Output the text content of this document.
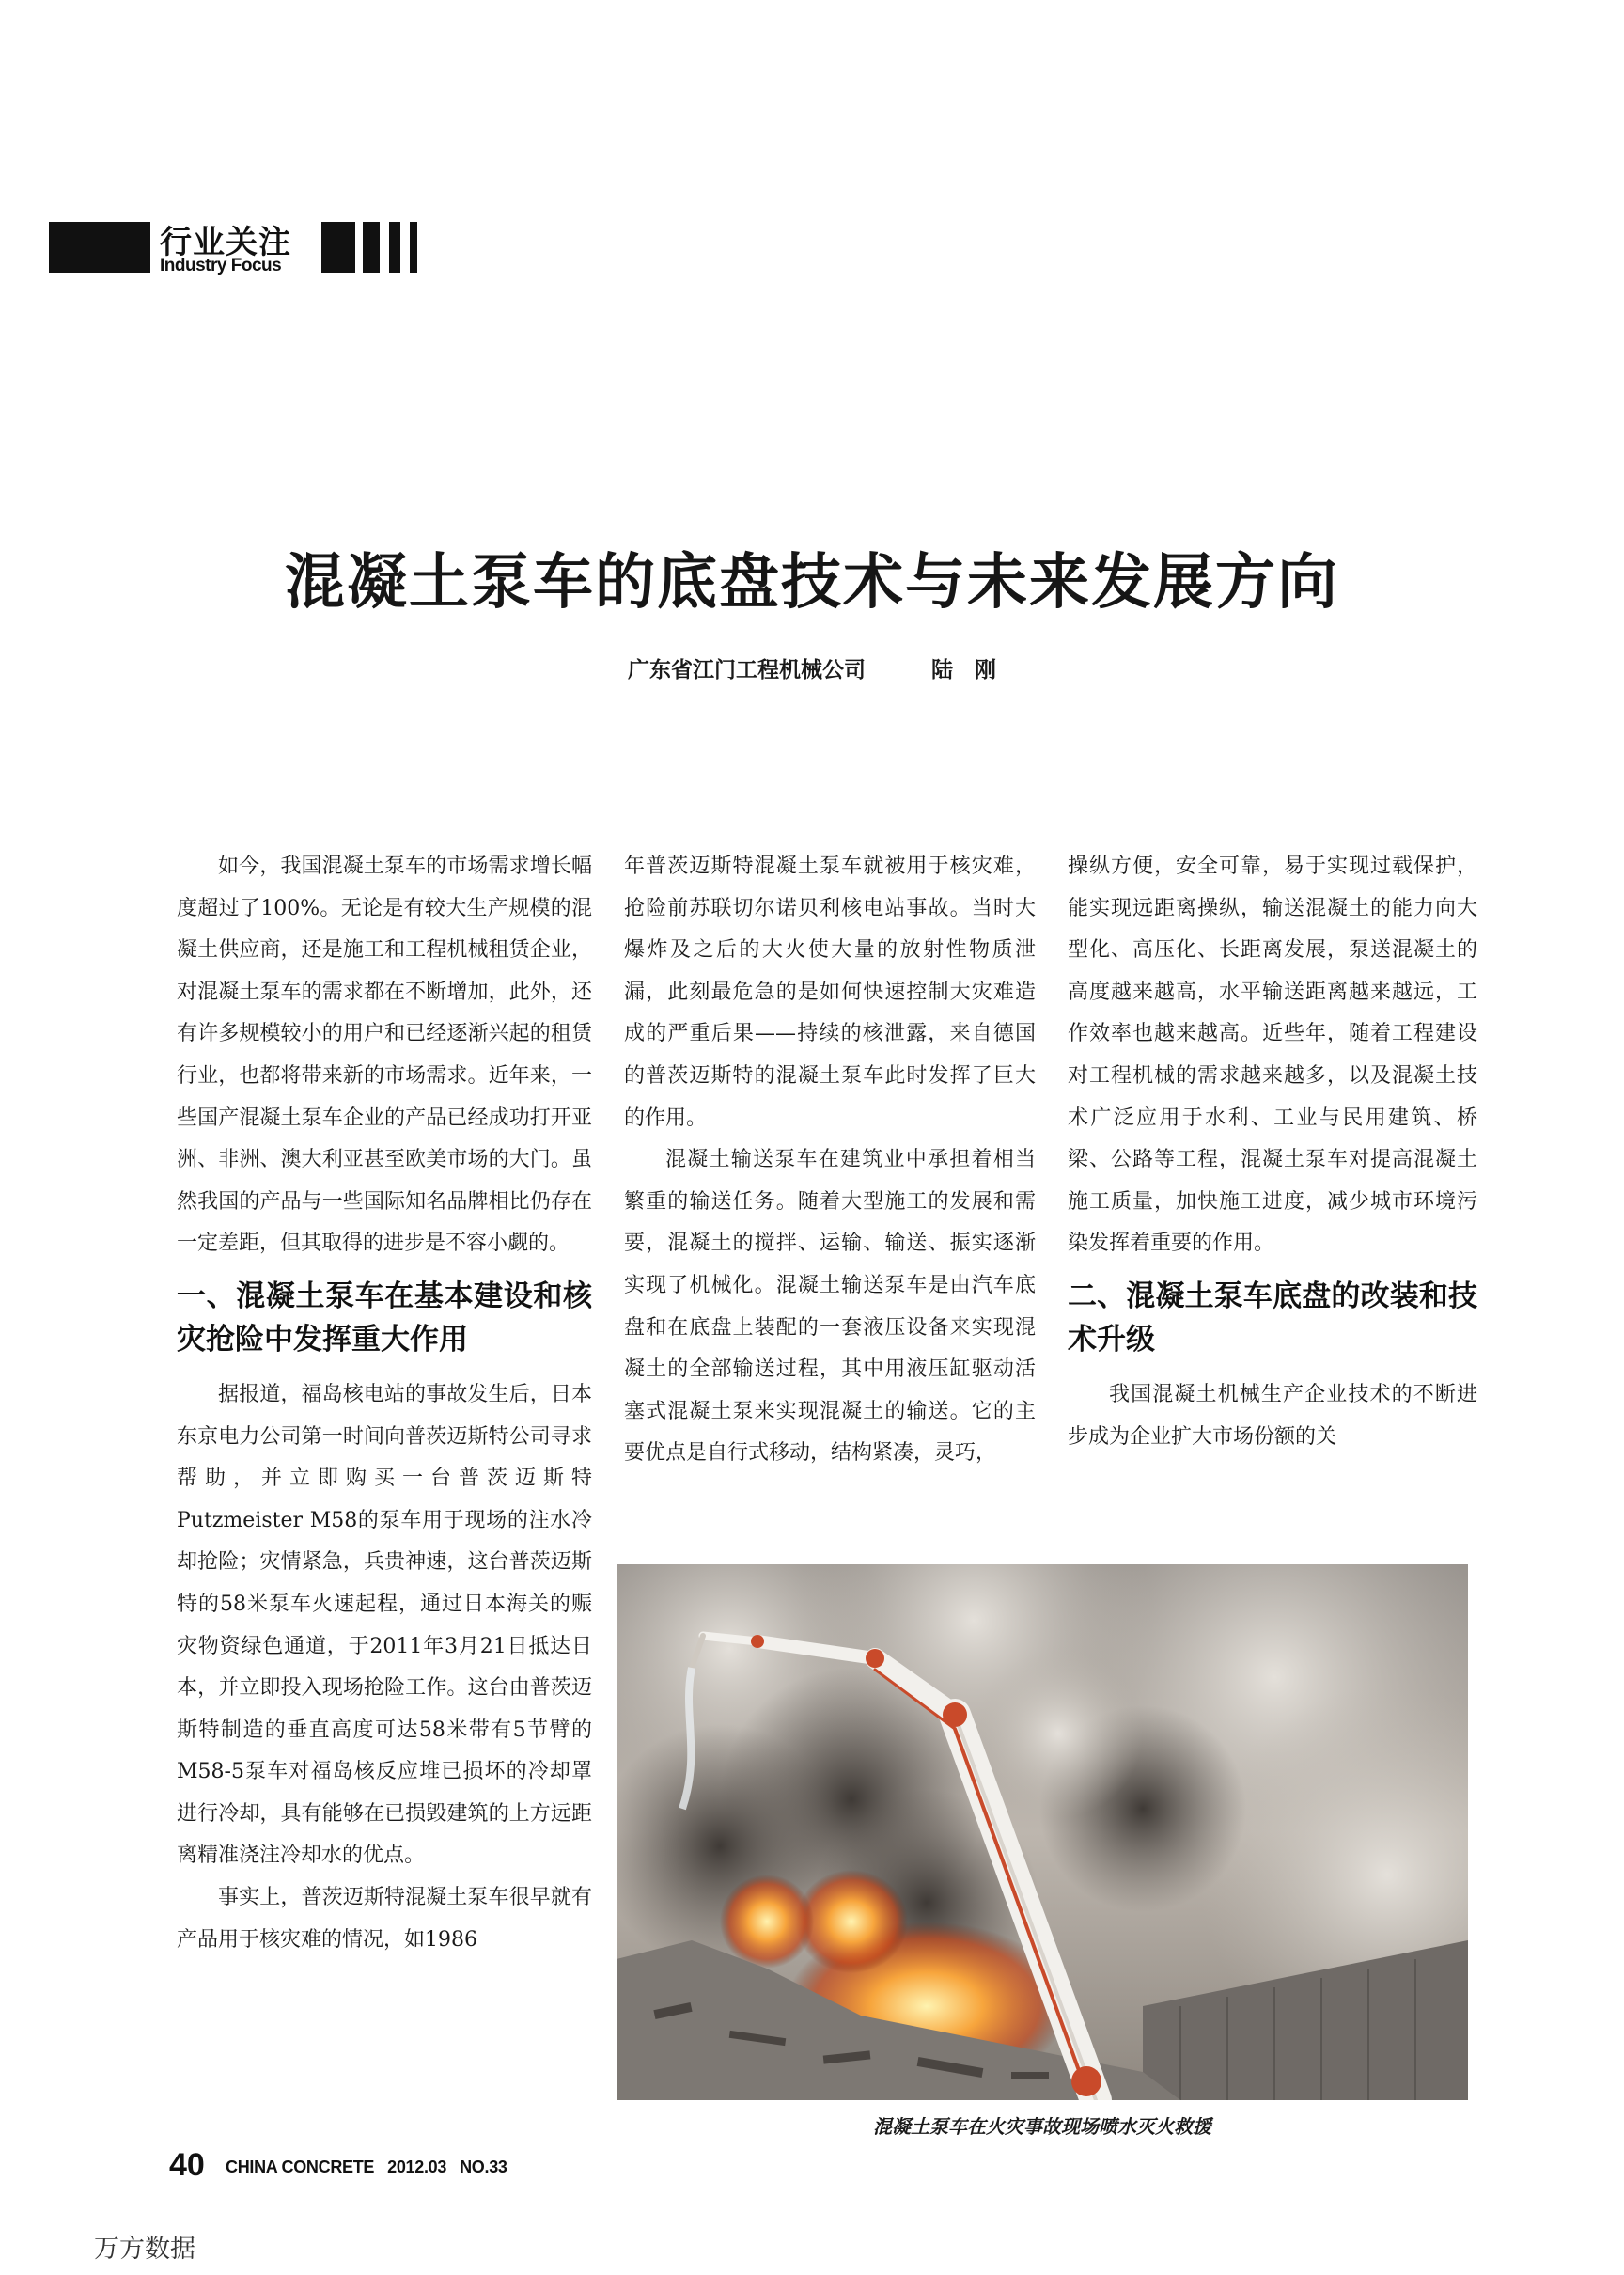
行业关注
Industry Focus
混凝土泵车的底盘技术与未来发展方向
广东省江门工程机械公司	陆　刚

如今，我国混凝土泵车的市场需求增长幅度超过了100%。无论是有较大生产规模的混凝土供应商，还是施工和工程机械租赁企业，对混凝土泵车的需求都在不断增加，此外，还有许多规模较小的用户和已经逐渐兴起的租赁行业，也都将带来新的市场需求。近年来，一些国产混凝土泵车企业的产品已经成功打开亚洲、非洲、澳大利亚甚至欧美市场的大门。虽然我国的产品与一些国际知名品牌相比仍存在一定差距，但其取得的进步是不容小觑的。

一、混凝土泵车在基本建设和核灾抢险中发挥重大作用

据报道，福岛核电站的事故发生后，日本东京电力公司第一时间向普茨迈斯特公司寻求帮助，并立即购买一台普茨迈斯特Putzmeister M58的泵车用于现场的注水冷却抢险；灾情紧急，兵贵神速，这台普茨迈斯特的58米泵车火速起程，通过日本海关的赈灾物资绿色通道，于2011年3月21日抵达日本，并立即投入现场抢险工作。这台由普茨迈斯特制造的垂直高度可达58米带有5节臂的M58-5泵车对福岛核反应堆已损坏的冷却罩进行冷却，具有能够在已损毁建筑的上方远距离精准浇注冷却水的优点。

事实上，普茨迈斯特混凝土泵车很早就有产品用于核灾难的情况，如1986

年普茨迈斯特混凝土泵车就被用于核灾难，抢险前苏联切尔诺贝利核电站事故。当时大爆炸及之后的大火使大量的放射性物质泄漏，此刻最危急的是如何快速控制大灾难造成的严重后果——持续的核泄露，来自德国的普茨迈斯特的混凝土泵车此时发挥了巨大的作用。

混凝土输送泵车在建筑业中承担着相当繁重的输送任务。随着大型施工的发展和需要，混凝土的搅拌、运输、输送、振实逐渐实现了机械化。混凝土输送泵车是由汽车底盘和在底盘上装配的一套液压设备来实现混凝土的全部输送过程，其中用液压缸驱动活塞式混凝土泵来实现混凝土的输送。它的主要优点是自行式移动，结构紧凑，灵巧，

操纵方便，安全可靠，易于实现过载保护，能实现远距离操纵，输送混凝土的能力向大型化、高压化、长距离发展，泵送混凝土的高度越来越高，水平输送距离越来越远，工作效率也越来越高。近些年，随着工程建设对工程机械的需求越来越多，以及混凝土技术广泛应用于水利、工业与民用建筑、桥梁、公路等工程，混凝土泵车对提高混凝土施工质量，加快施工进度，减少城市环境污染发挥着重要的作用。

二、混凝土泵车底盘的改装和技术升级

我国混凝土机械生产企业技术的不断进步成为企业扩大市场份额的关

混凝土泵车在火灾事故现场喷水灭火救援
40 CHINA CONCRETE 2012.03 NO.33
万方数据
